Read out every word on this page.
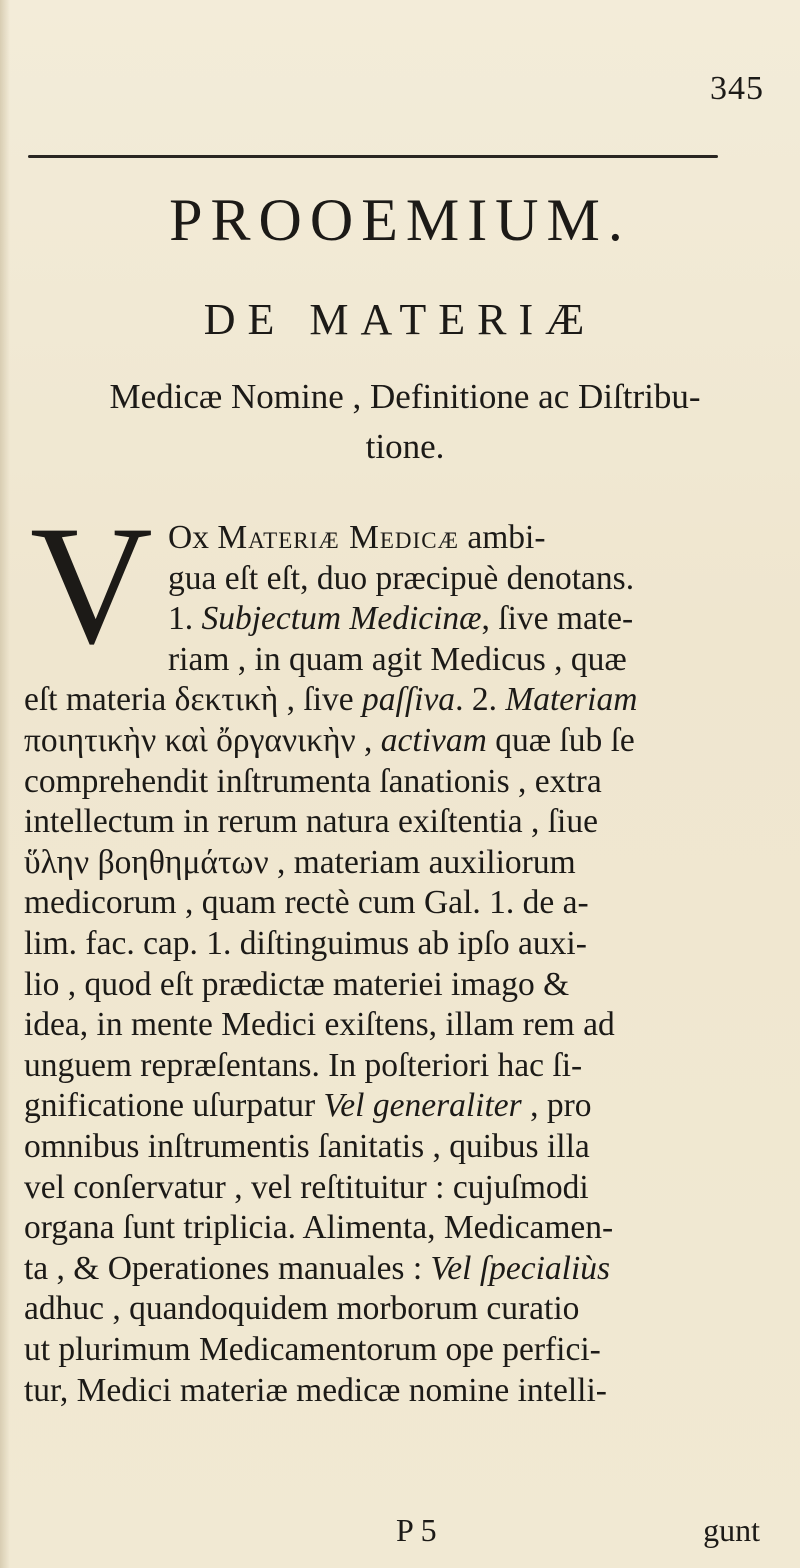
345
PROOEMIUM.
DE MATERIÆ
Medicæ Nomine , Definitione ac Diſtribu-
tione.
V Ox Materiæ Medicæ ambi-
gua eſt eſt, duo præcipuè denotans.
1. Subjectum Medicinæ, ſive mate-
riam , in quam agit Medicus , quæ
eſt materia δεκτικὴ , ſive paſſiva. 2. Materiam
ποιητικὴν καὶ ὄργανικὴν , activam quæ ſub ſe
comprehendit inſtrumenta ſanationis , extra
intellectum in rerum natura exiſtentia , ſiue
ὕλην βοηθημάτων , materiam auxiliorum
medicorum , quam rectè cum Gal. 1. de a-
lim. fac. cap. 1. diſtinguimus ab ipſo auxi-
lio , quod eſt prædictæ materiei imago &
idea, in mente Medici exiſtens, illam rem ad
unguem repræſentans. In poſteriori hac ſi-
gnificatione uſurpatur Vel generaliter , pro
omnibus inſtrumentis ſanitatis , quibus illa
vel conſervatur , vel reſtituitur : cujuſmodi
organa ſunt triplicia. Alimenta, Medicamen-
ta , & Operationes manuales : Vel ſpecialiùs
adhuc , quandoquidem morborum curatio
ut plurimum Medicamentorum ope perfici-
tur, Medici materiæ medicæ nomine intelli-
P 5	gunt
